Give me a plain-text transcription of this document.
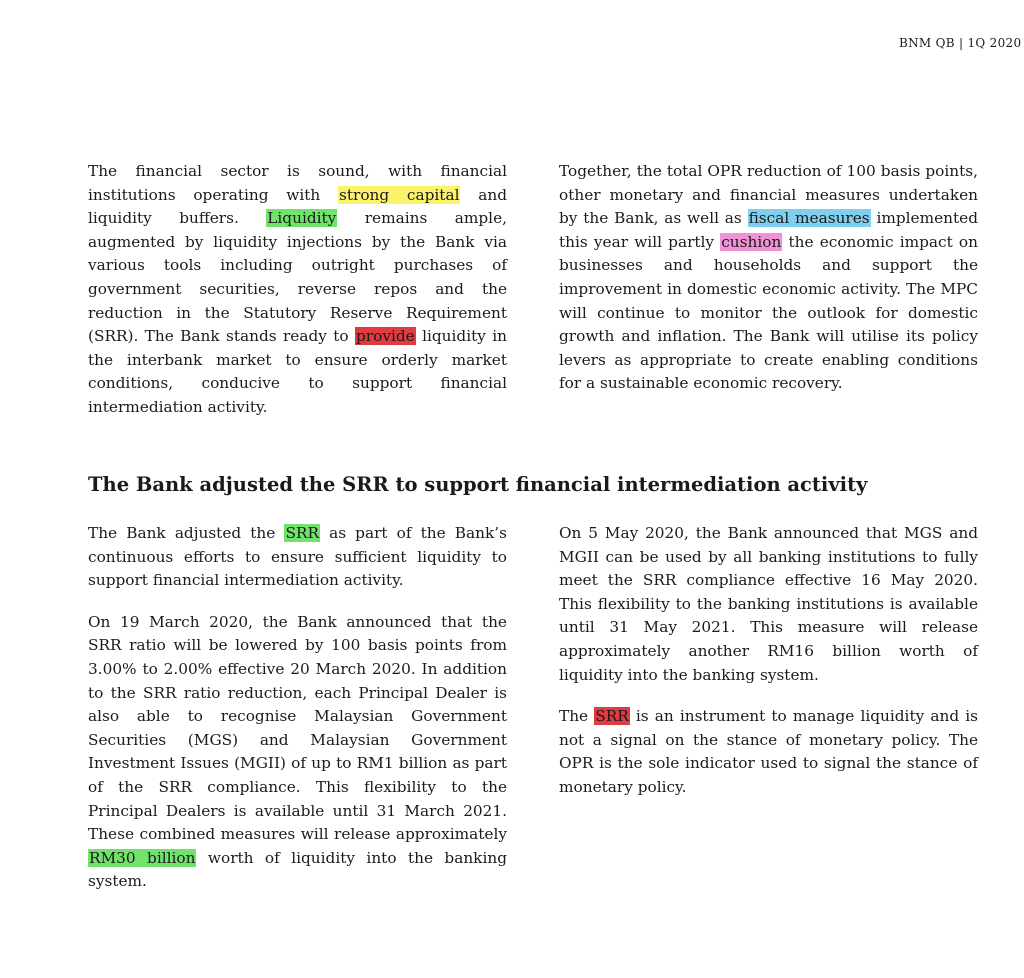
BNM QB | 1Q 2020

The financial sector is sound, with financial institutions operating with strong capital and liquidity buffers. Liquidity remains ample, augmented by liquidity injections by the Bank via various tools including outright purchases of government securities, reverse repos and the reduction in the Statutory Reserve Requirement (SRR). The Bank stands ready to provide liquidity in the interbank market to ensure orderly market conditions, conducive to support financial intermediation activity.

Together, the total OPR reduction of 100 basis points, other monetary and financial measures undertaken by the Bank, as well as fiscal measures implemented this year will partly cushion the economic impact on businesses and households and support the improvement in domestic economic activity. The MPC will continue to monitor the outlook for domestic growth and inflation. The Bank will utilise its policy levers as appropriate to create enabling conditions for a sustainable economic recovery.

The Bank adjusted the SRR to support financial intermediation activity

The Bank adjusted the SRR as part of the Bank’s continuous efforts to ensure sufficient liquidity to support financial intermediation activity.

On 19 March 2020, the Bank announced that the SRR ratio will be lowered by 100 basis points from 3.00% to 2.00% effective 20 March 2020. In addition to the SRR ratio reduction, each Principal Dealer is also able to recognise Malaysian Government Securities (MGS) and Malaysian Government Investment Issues (MGII) of up to RM1 billion as part of the SRR compliance. This flexibility to the Principal Dealers is available until 31 March 2021. These combined measures will release approximately RM30 billion worth of liquidity into the banking system.

On 5 May 2020, the Bank announced that MGS and MGII can be used by all banking institutions to fully meet the SRR compliance effective 16 May 2020. This flexibility to the banking institutions is available until 31 May 2021. This measure will release approximately another RM16 billion worth of liquidity into the banking system.

The SRR is an instrument to manage liquidity and is not a signal on the stance of monetary policy. The OPR is the sole indicator used to signal the stance of monetary policy.
